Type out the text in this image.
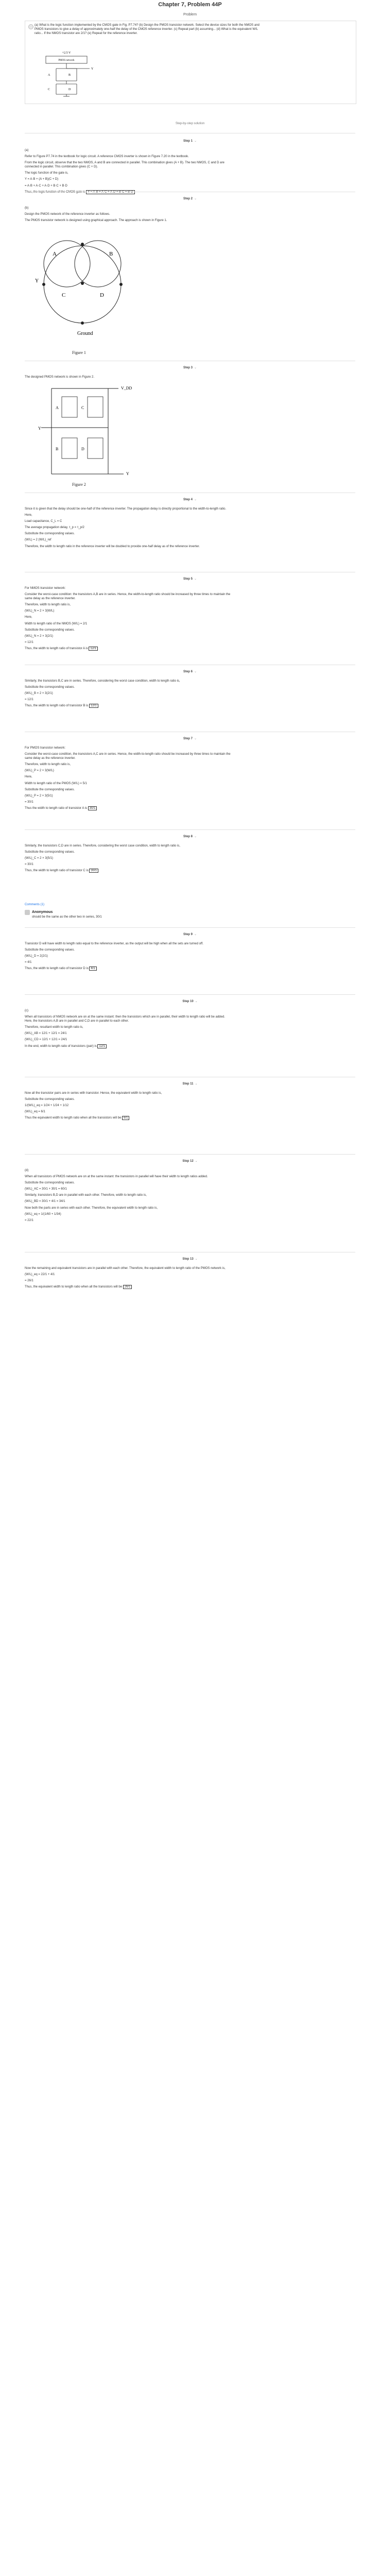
Chapter 7, Problem 44P
Problem
(a) What is the logic function implemented by the CMOS gate in Fig. P7.74? (b) Design the PMOS transistor network. Select the device sizes for both the NMOS and PMOS transistors to give a delay of approximately one-half the delay of the CMOS reference inverter. (c) Repeat part (b) assuming... (d) What is the equivalent W/L ratio... If the NMOS transistor are 2/1? (e) Repeat for the reference inverter.
+2.5 V
PMOS network
Y
A	B
C	D
Step-by-step solution
Step 1 ⌄

(a)

Refer to Figure P7.74 in the textbook for logic circuit. A reference CMOS inverter is shown in Figure 7.20 in the textbook.

From the logic circuit, observe that the two NMOS, A and B are connected in parallel. This combination gives (A + B). The two NMOS, C and D are connected in parallel. This combination gives (C + D).

The logic function of the gate is,

Y = A·B + (A + B)(C + D)

= A·B + A·C + A·D + B·C + B·D

Step 2 ⌄

(b)

Design the PMOS network of the reference inverter as follows.

The PMOS transistor network is designed using graphical approach. The approach is shown in Figure 1.

A	B
C	D
Y
Ground
Figure 1
Step 3 ⌄

The designed PMOS network is shown in Figure 2.

V_DD
Y
A	C
B	D
Y
Figure 2
Step 4 ⌄

Since it is given that the delay should be one-half of the reference inverter. The propagation delay is directly proportional to the width-to-length ratio.

Here,

Load capacitance, C_L = C

The average propagation delay, τ_p = τ_p/2

Substitute the corresponding values.

(W/L) = 2 (W/L)_ref

Therefore, the width to length ratio in the reference inverter will be doubled to provide one-half delay as of the reference inverter.

Step 5 ⌄

For NMOS transistor network:

Consider the worst-case condition: the transistors A,B are in series. Hence, the width-to-length ratio should be increased by three times to maintain the same delay as the reference inverter.

Therefore, width to length ratio is,

(W/L)_N = 2 × 3(W/L)

Here,

Width to length ratio of the NMOS (W/L) = 2/1

Substitute the corresponding values.

(W/L)_N = 2 × 3(2/1)

= 12/1

Thus, the width to length ratio of transistor A is 12/1

Step 6 ⌄

Similarly, the transistors B,C are in series. Therefore, considering the worst case condition, width to length ratio is,

Substitute the corresponding values.

(W/L)_B = 2 × 3(2/1)

= 12/1

Thus, the width to length ratio of transistor B is 12/1

Step 7 ⌄

For PMOS transistor network:

Consider the worst-case condition, the transistors A,C are in series. Hence, the width-to-length ratio should be increased by three times to maintain the same delay as the reference inverter.

Therefore, width to length ratio is,

(W/L)_P = 2 × 3(W/L)

Here,

Width to length ratio of the PMOS (W/L) = 5/1

Substitute the corresponding values.

(W/L)_P = 2 × 3(5/1)

= 30/1

Thus the width to length ratio of transistor A is 30/1

Step 8 ⌄

Similarly, the transistors C,D are in series. Therefore, considering the worst case condition, width to length ratio is,

Substitute the corresponding values.

(W/L)_C = 2 × 3(5/1)

= 30/1

Thus, the width to length ratio of transistor C is 30/1

Comments (1)
Anonymous
should be the same as the other two in series, 30/1
Step 9 ⌄

Transistor D will have width to length ratio equal to the reference inverter, as the output will be high when all the sets are turned off.

Substitute the corresponding values.

(W/L)_D = 2(2/1)

= 4/1

Thus, the width to length ratio of transistor D is 4/1

Step 10 ⌄

(c)

When all transistors of NMOS network are on at the same instant: then the transistors which are in parallel, their width to length ratio will be added. Here, the transistors A,B are in parallel and C,D are in parallel to each other.

Therefore, resultant width to length ratio is,

(W/L)_AB = 12/1 + 12/1 = 24/1

(W/L)_CD = 12/1 + 12/1 = 24/1

In the end, width to length ratio of transistors (pair) is 12/1

Step 11 ⌄

Now all the transistor pairs are in series with transistor. Hence, the equivalent width to length ratio is,

Substitute the corresponding values.

1/(W/L)_eq = 1/24 + 1/24 + 1/12

(W/L)_eq = 6/1

Thus the equivalent width to length ratio when all the transistors will be 6/1

Step 12 ⌄

(d)

When all transistors of PMOS network are on at the same instant: the transistors in parallel will have their width to length ratios added.

Substitute the corresponding values.

(W/L)_AC = 30/1 + 30/1 = 60/1

Similarly, transistors B,D are in parallel with each other. Therefore, width to length ratio is,

(W/L)_BD = 30/1 + 4/1 = 34/1

Now both the parts are in series with each other. Therefore, the equivalent width to length ratio is,

(W/L)_eq = 1/(1/60 + 1/34)

= 22/1

Step 13 ⌄

Now the remaining and equivalent transistors are in parallel with each other. Therefore, the equivalent width to length ratio of the PMOS network is,

(W/L)_eq = 22/1 + 4/1

= 26/1

Thus, the equivalent width to length ratio when all the transistors will be 26/1
